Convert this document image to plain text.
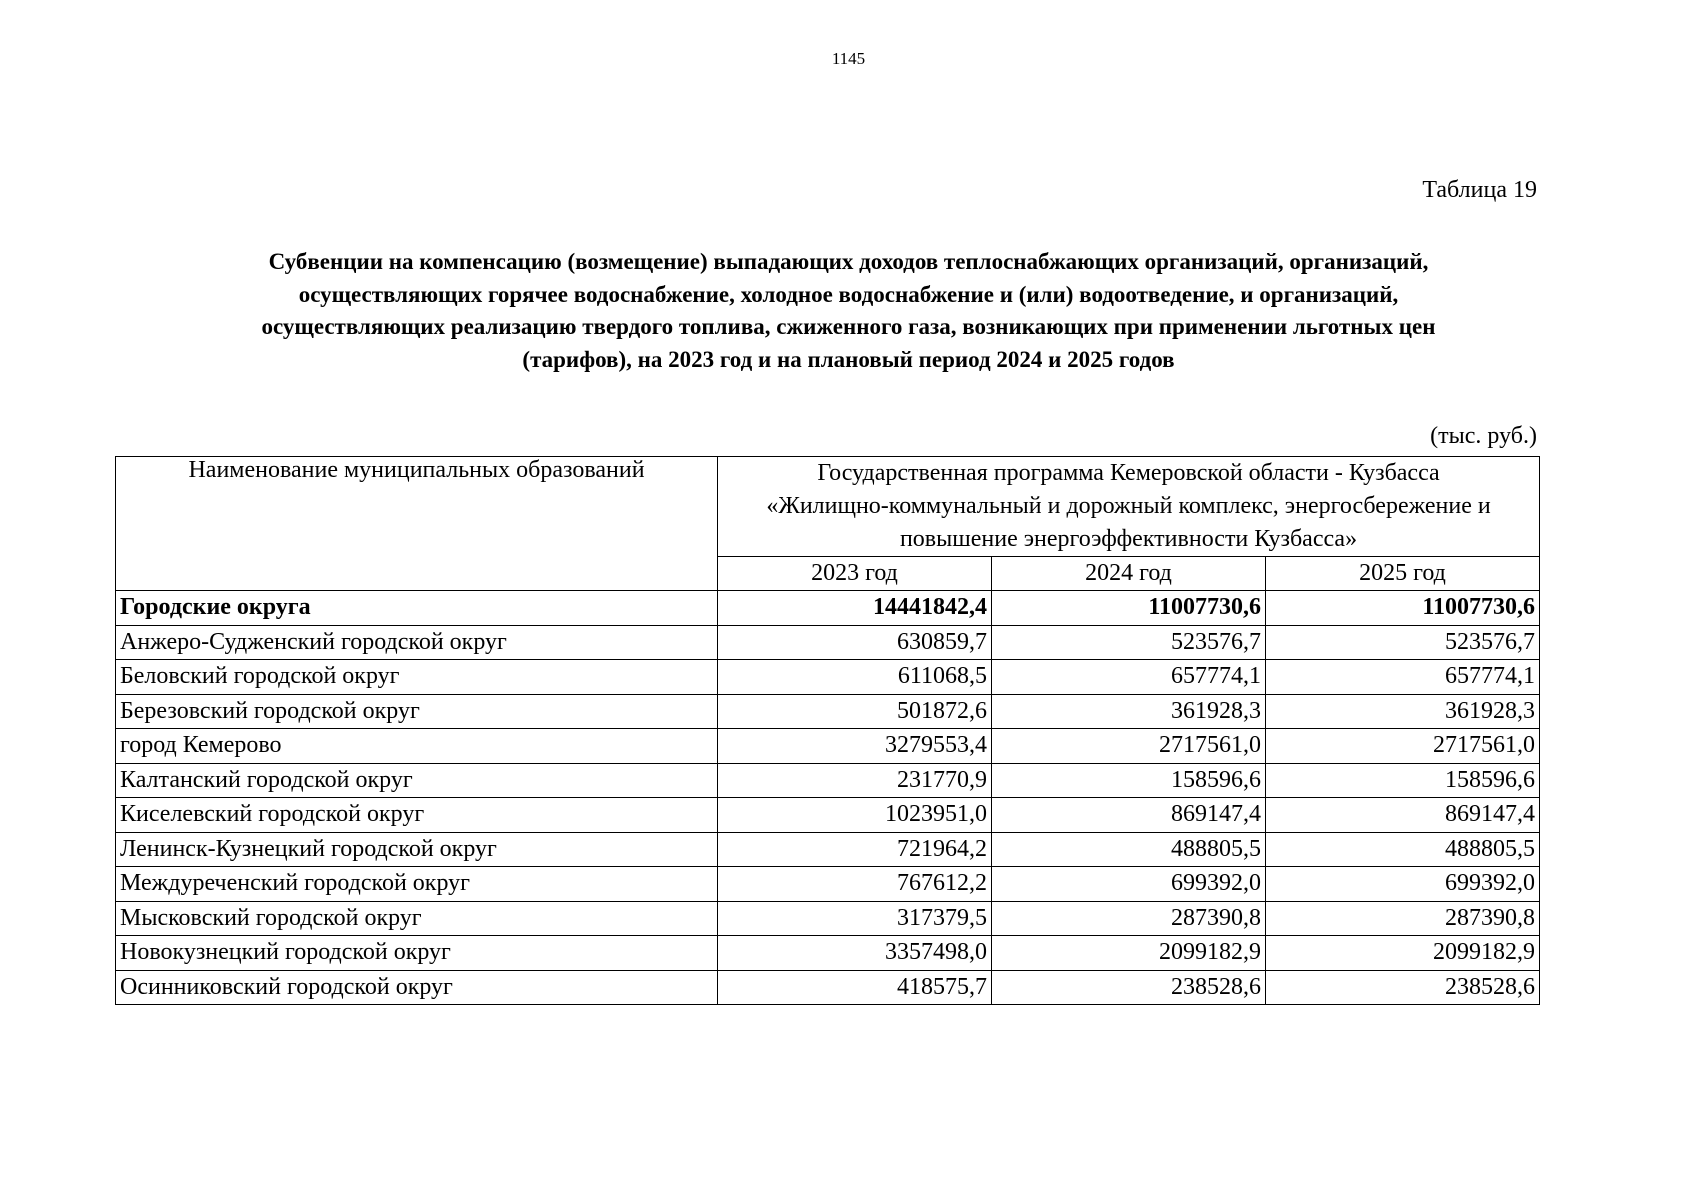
1145
Таблица 19
Субвенции на компенсацию (возмещение) выпадающих доходов теплоснабжающих организаций, организаций,
осуществляющих горячее водоснабжение, холодное водоснабжение и (или) водоотведение, и организаций,
осуществляющих реализацию твердого топлива, сжиженного газа, возникающих при применении льготных цен
(тарифов), на 2023 год и на плановый период 2024 и 2025 годов
(тыс. руб.)
Наименование муниципальных образований	Государственная программа Кемеровской области - Кузбасса
«Жилищно-коммунальный и дорожный комплекс, энергосбережение и
повышение энергоэффективности Кузбасса»		

	2023 год	2024 год	2025 год
Городские округа	14441842,4	11007730,6	11007730,6
Анжеро-Судженский городской округ	630859,7	523576,7	523576,7
Беловский городской округ	611068,5	657774,1	657774,1
Березовский городской округ	501872,6	361928,3	361928,3
город Кемерово	3279553,4	2717561,0	2717561,0
Калтанский городской округ	231770,9	158596,6	158596,6
Киселевский городской округ	1023951,0	869147,4	869147,4
Ленинск-Кузнецкий городской округ	721964,2	488805,5	488805,5
Междуреченский городской округ	767612,2	699392,0	699392,0
Мысковский городской округ	317379,5	287390,8	287390,8
Новокузнецкий городской округ	3357498,0	2099182,9	2099182,9
Осинниковский городской округ	418575,7	238528,6	238528,6
